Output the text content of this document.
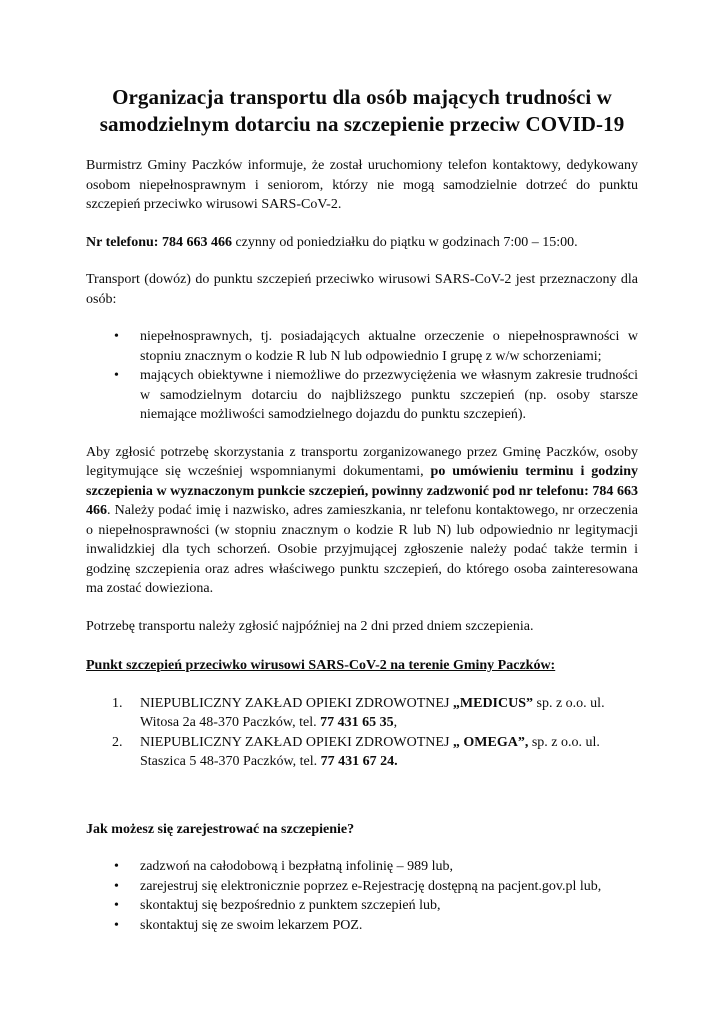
Organizacja transportu dla osób mających trudności w
samodzielnym dotarciu na szczepienie przeciw COVID-19

Burmistrz Gminy Paczków informuje, że został uruchomiony telefon kontaktowy, dedykowany osobom niepełnosprawnym i seniorom, którzy nie mogą samodzielnie dotrzeć do punktu szczepień przeciwko wirusowi SARS-CoV-2.

Nr telefonu: 784 663 466 czynny od poniedziałku do piątku w godzinach 7:00 – 15:00.

Transport (dowóz) do punktu szczepień przeciwko wirusowi SARS-CoV-2 jest przeznaczony dla osób:

• niepełnosprawnych, tj. posiadających aktualne orzeczenie o niepełnosprawności w stopniu znacznym o kodzie R lub N lub odpowiednio I grupę z w/w schorzeniami;
• mających obiektywne i niemożliwe do przezwyciężenia we własnym zakresie trudności w samodzielnym dotarciu do najbliższego punktu szczepień (np. osoby starsze niemające możliwości samodzielnego dojazdu do punktu szczepień).

Aby zgłosić potrzebę skorzystania z transportu zorganizowanego przez Gminę Paczków, osoby legitymujące się wcześniej wspomnianymi dokumentami, po umówieniu terminu i godziny szczepienia w wyznaczonym punkcie szczepień, powinny zadzwonić pod nr telefonu: 784 663 466. Należy podać imię i nazwisko, adres zamieszkania, nr telefonu kontaktowego, nr orzeczenia o niepełnosprawności (w stopniu znacznym o kodzie R lub N) lub odpowiednio nr legitymacji inwalidzkiej dla tych schorzeń. Osobie przyjmującej zgłoszenie należy podać także termin i godzinę szczepienia oraz adres właściwego punktu szczepień, do którego osoba zainteresowana ma zostać dowieziona.

Potrzebę transportu należy zgłosić najpóźniej na 2 dni przed dniem szczepienia.

Punkt szczepień przeciwko wirusowi SARS-CoV-2 na terenie Gminy Paczków:
NIEPUBLICZNY ZAKŁAD OPIEKI ZDROWOTNEJ „MEDICUS” sp. z o.o. ul. Witosa 2a 48-370 Paczków, tel. 77 431 65 35,
NIEPUBLICZNY ZAKŁAD OPIEKI ZDROWOTNEJ „ OMEGA”, sp. z o.o. ul. Staszica 5 48-370 Paczków, tel. 77 431 67 24.
Jak możesz się zarejestrować na szczepienie?
• zadzwoń na całodobową i bezpłatną infolinię – 989 lub,
• zarejestruj się elektronicznie poprzez e-Rejestrację dostępną na pacjent.gov.pl lub,
• skontaktuj się bezpośrednio z punktem szczepień lub,
• skontaktuj się ze swoim lekarzem POZ.
